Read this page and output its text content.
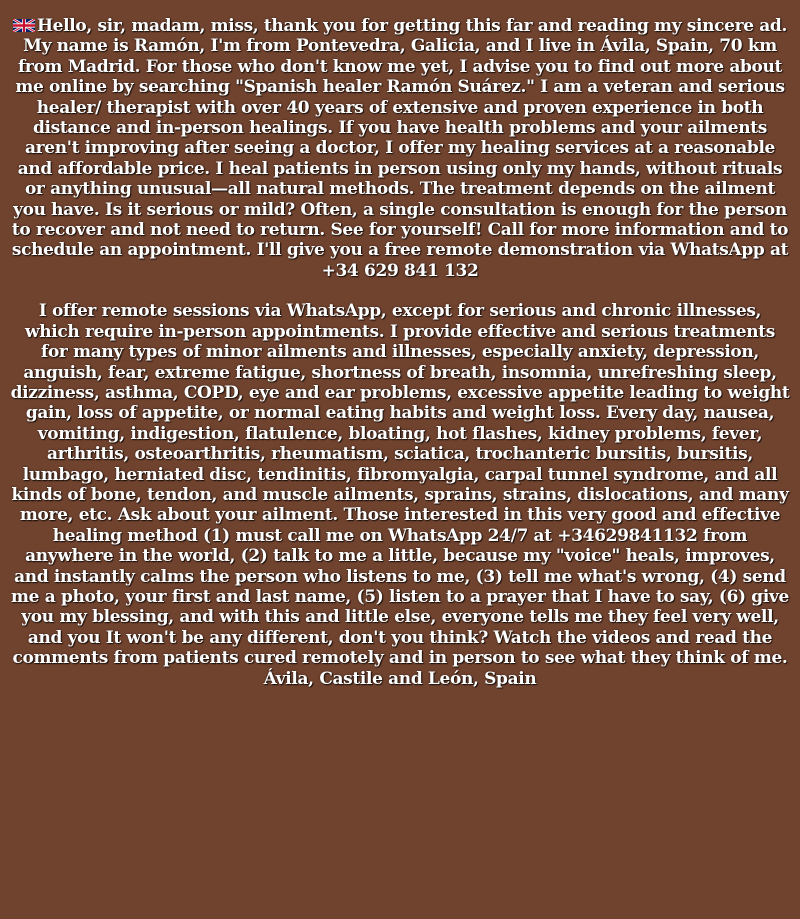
Hello, sir, madam, miss, thank you for getting this far and reading my sincere ad. My name is Ramón, I'm from Pontevedra, Galicia, and I live in Ávila, Spain, 70 km from Madrid. For those who don't know me yet, I advise you to find out more about me online by searching "Spanish healer Ramón Suárez." I am a veteran and serious healer/ therapist with over 40 years of extensive and proven experience in both distance and in-person healings. If you have health problems and your ailments aren't improving after seeing a doctor, I offer my healing services at a reasonable and affordable price. I heal patients in person using only my hands, without rituals or anything unusual—all natural methods. The treatment depends on the ailment you have. Is it serious or mild? Often, a single consultation is enough for the person to recover and not need to return. See for yourself! Call for more information and to schedule an appointment. I'll give you a free remote demonstration via WhatsApp at +34 629 841 132

I offer remote sessions via WhatsApp, except for serious and chronic illnesses, which require in-person appointments. I provide effective and serious treatments for many types of minor ailments and illnesses, especially anxiety, depression, anguish, fear, extreme fatigue, shortness of breath, insomnia, unrefreshing sleep, dizziness, asthma, COPD, eye and ear problems, excessive appetite leading to weight gain, loss of appetite, or normal eating habits and weight loss. Every day, nausea, vomiting, indigestion, flatulence, bloating, hot flashes, kidney problems, fever, arthritis, osteoarthritis, rheumatism, sciatica, trochanteric bursitis, bursitis, lumbago, herniated disc, tendinitis, fibromyalgia, carpal tunnel syndrome, and all kinds of bone, tendon, and muscle ailments, sprains, strains, dislocations, and many more, etc. Ask about your ailment. Those interested in this very good and effective healing method (1) must call me on WhatsApp 24/7 at +34629841132 from anywhere in the world, (2) talk to me a little, because my "voice" heals, improves, and instantly calms the person who listens to me, (3) tell me what's wrong, (4) send me a photo, your first and last name, (5) listen to a prayer that I have to say, (6) give you my blessing, and with this and little else, everyone tells me they feel very well, and you It won't be any different, don't you think? Watch the videos and read the comments from patients cured remotely and in person to see what they think of me. Ávila, Castile and León, Spain
